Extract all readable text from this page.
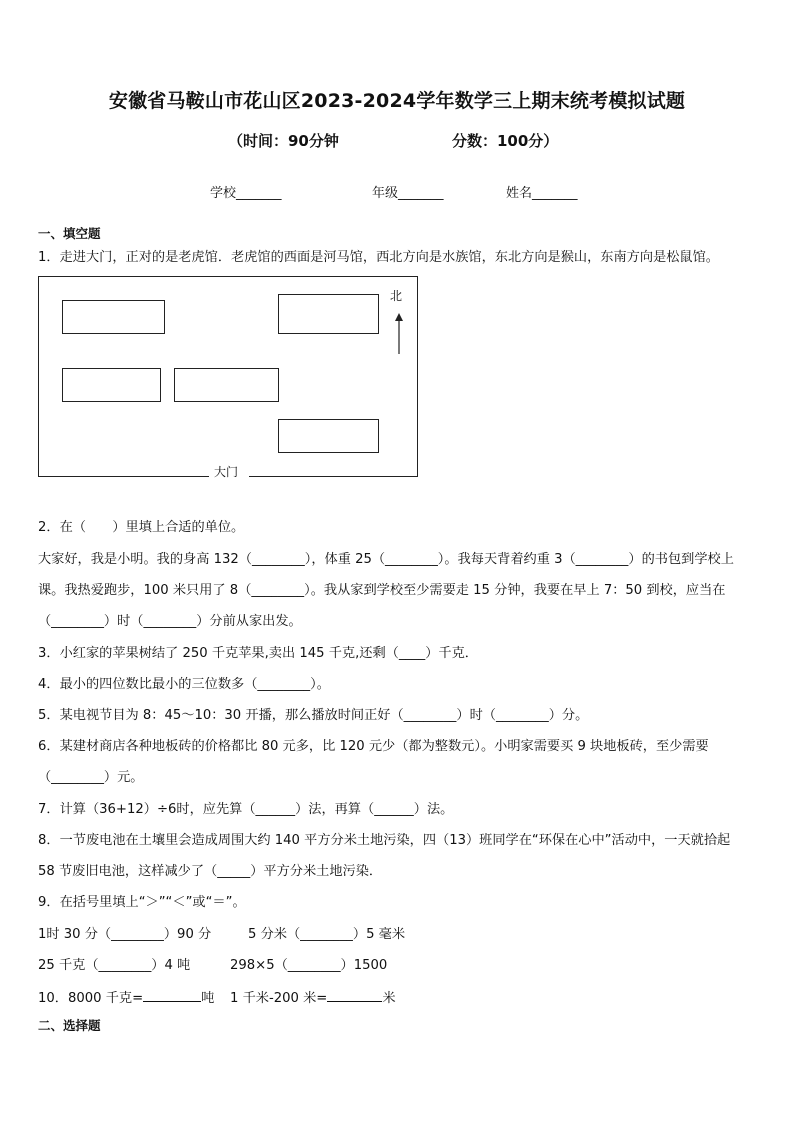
安徽省马鞍山市花山区2023-2024学年数学三上期末统考模拟试题
（时间：90分钟	分数：100分）
学校_______	年级_______	姓名_______
一、填空题
1．走进大门，正对的是老虎馆．老虎馆的西面是河马馆，西北方向是水族馆，东北方向是猴山，东南方向是松鼠馆。
北
大门
2．在（　　）里填上合适的单位。
大家好，我是小明。我的身高 132（________），体重 25（________）。我每天背着约重 3（________）的书包到学校上
课。我热爱跑步，100 米只用了 8（________）。我从家到学校至少需要走 15 分钟，我要在早上 7：50 到校，应当在
（________）时（________）分前从家出发。
3．小红家的苹果树结了 250 千克苹果,卖出 145 千克,还剩（____）千克．
4．最小的四位数比最小的三位数多（________）。
5．某电视节目为 8：45～10：30 开播，那么播放时间正好（________）时（________）分。
6．某建材商店各种地板砖的价格都比 80 元多，比 120 元少（都为整数元）。小明家需要买 9 块地板砖，至少需要
（________）元。
7．计算（36+12）÷6时，应先算（______）法，再算（______）法。
8．一节废电池在土壤里会造成周围大约 140 平方分米土地污染，四（13）班同学在“环保在心中”活动中，一天就拾起
58 节废旧电池，这样减少了（_____）平方分米土地污染．
9．在括号里填上“＞”“＜”或“＝”。
1时 30 分（________）90 分	5 分米（________）5 毫米
25 千克（________）4 吨	298×5（________）1500
10．8000 千克=	吨 1 千米-200 米=	米
二、选择题
